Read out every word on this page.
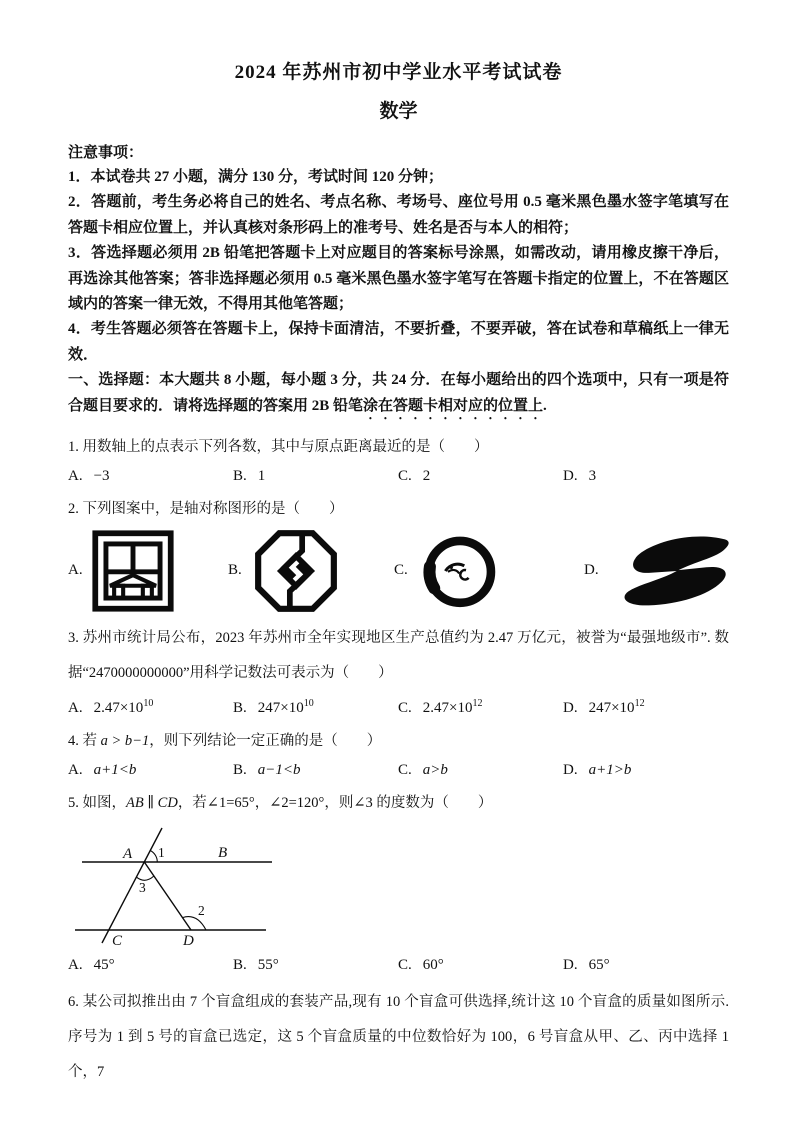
2024 年苏州市初中学业水平考试试卷
数学
注意事项：

1．本试卷共 27 小题，满分 130 分，考试时间 120 分钟；

2．答题前，考生务必将自己的姓名、考点名称、考场号、座位号用 0.5 毫米黑色墨水签字笔填写在答题卡相应位置上，并认真核对条形码上的准考号、姓名是否与本人的相符；

3．答选择题必须用 2B 铅笔把答题卡上对应题目的答案标号涂黑，如需改动，请用橡皮擦干净后，再选涂其他答案；答非选择题必须用 0.5 毫米黑色墨水签字笔写在答题卡指定的位置上，不在答题区域内的答案一律无效，不得用其他笔答题；

4．考生答题必须答在答题卡上，保持卡面清洁，不要折叠，不要弄破，答在试卷和草稿纸上一律无效．

一、选择题：本大题共 8 小题，每小题 3 分，共 24 分．在每小题给出的四个选项中，只有一项是符合题目要求的．请将选择题的答案用 2B 铅笔涂在答题卡相对应的位置上.

1. 用数轴上的点表示下列各数，其中与原点距离最近的是（　　）

A. −3	B. 1	C. 2	D. 3

2. 下列图案中，是轴对称图形的是（　　）

A.	B.	C.	D.

3. 苏州市统计局公布，2023 年苏州市全年实现地区生产总值约为 2.47 万亿元，被誉为“最强地级市”. 数据“2470000000000”用科学记数法可表示为（　　）

A. $2.47\times 10^{10}$	B. $247\times 10^{10}$	C. $2.47\times 10^{12}$	D. $247\times 10^{12}$

4. 若 a > b−1，则下列结论一定正确的是（　　）

A. a+1<b	B. a−1<b	C. a>b	D. a+1>b

5. 如图，AB ∥ CD，若∠1=65°，∠2=120°，则∠3 的度数为（　　）

A 1	B
3
2
C	D
A. 45°	B. 55°	C. 60°	D. 65°

6. 某公司拟推出由 7 个盲盒组成的套装产品,现有 10 个盲盒可供选择,统计这 10 个盲盒的质量如图所示.序号为 1 到 5 号的盲盒已选定，这 5 个盲盒质量的中位数恰好为 100，6 号盲盒从甲、乙、丙中选择 1 个，7
